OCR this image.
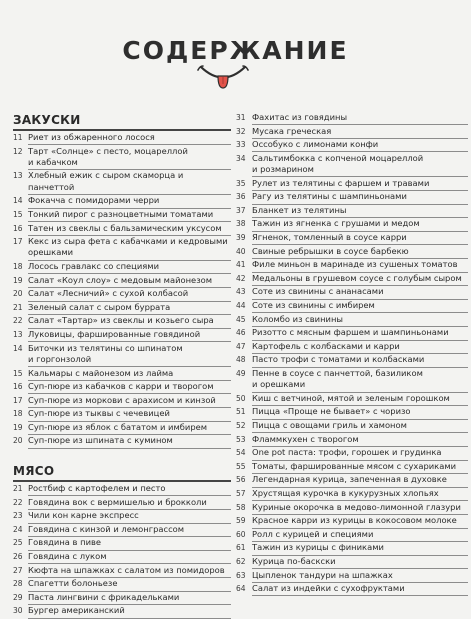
СОДЕРЖАНИЕ
ЗАКУСКИ
11 Риет из обжаренного лосося
12 Тарт «Солнце» с песто, моцареллой
и кабачком
13 Хлебный ежик с сыром скаморца и панчеттой
14 Фокачча с помидорами черри
15 Тонкий пирог с разноцветными томатами
16 Татен из свеклы с бальзамическим уксусом
17 Кекс из сыра фета с кабачками и кедровыми
орешками
18 Лосось гравлакс со специями
19 Салат «Коул слоу» с медовым майонезом
20 Салат «Лесничий» с сухой колбасой
21 Зеленый салат с сыром буррата
22 Салат «Тартар» из свеклы и козьего сыра
13 Луковицы, фаршированные говядиной
14 Биточки из телятины со шпинатом
и горгонзолой
15 Кальмары с майонезом из лайма
16 Суп-пюре из кабачков с карри и творогом
17 Суп-пюре из моркови с арахисом и кинзой
18 Суп-пюре из тыквы с чечевицей
19 Суп-пюре из яблок с бататом и имбирем
20 Суп-пюре из шпината с кумином
МЯСО
21 Ростбиф с картофелем и песто
22 Говядина вок с вермишелью и брокколи
23 Чили кон карне экспресс
24 Говядина с кинзой и лемонграссом
25 Говядина в пиве
26 Говядина с луком
27 Кюфта на шпажках с салатом из помидоров
28 Спагетти болоньезе
29 Паста лингвини с фрикадельками
30 Бургер американский
31 Фахитас из говядины
32 Мусака греческая
33 Оссобуко с лимонами конфи
34 Сальтимбокка с копченой моцареллой
и розмарином
35 Рулет из телятины с фаршем и травами
36 Рагу из телятины с шампиньонами
37 Бланкет из телятины
38 Тажин из ягненка с грушами и медом
39 Ягненок, томленный в соусе карри
40 Свиные ребрышки в соусе барбекю
41 Филе миньон в маринаде из сушеных томатов
42 Медальоны в грушевом соусе с голубым сыром
43 Соте из свинины с ананасами
44 Соте из свинины с имбирем
45 Коломбо из свинины
46 Ризотто с мясным фаршем и шампиньонами
47 Картофель с колбасками и карри
48 Пасто трофи с томатами и колбасками
49 Пенне в соусе с панчеттой, базиликом
и орешками
50 Киш с ветчиной, мятой и зеленым горошком
51 Пицца «Проще не бывает» с чоризо
52 Пицца с овощами гриль и хамоном
53 Фламмкухен с творогом
54 One pot паста: трофи, горошек и грудинка
55 Томаты, фаршированные мясом с сухариками
56 Легендарная курица, запеченная в духовке
57 Хрустящая курочка в кукурузных хлопьях
58 Куриные окорочка в медово-лимонной глазури
59 Красное карри из курицы в кокосовом молоке
60 Ролл с курицей и специями
61 Тажин из курицы с финиками
62 Курица по-баскски
63 Цыпленок тандури на шпажках
64 Салат из индейки с сухофруктами
